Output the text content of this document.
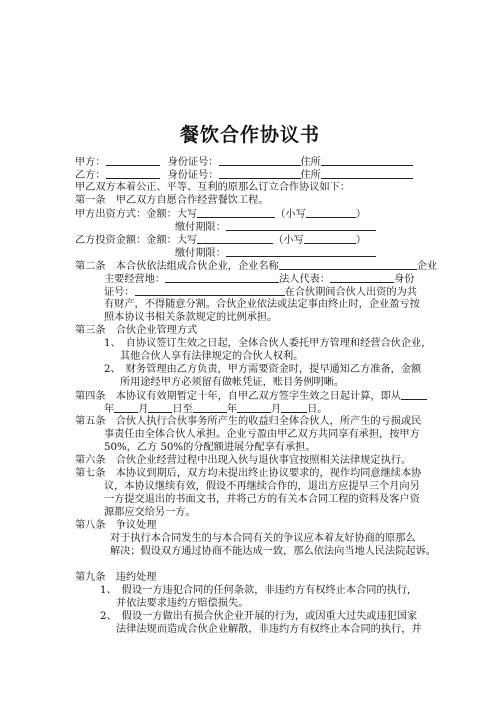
餐饮合作协议书
甲方：	身份证号：	住所
乙方：	身份证号：	住所
甲乙双方本着公正、平等、互利的原那么订立合作协议如下：
第一条　甲乙双方自愿合作经营餐饮工程。
甲方出资方式：金额：大写	（小写	）
缴付期限：
乙方投资金额：金额：大写	（小写	）
缴付期限：
第二条　本合伙依法组成合伙企业，企业名称	企业
主要经营地：	法人代表：	身份
证号：	在合伙期间合伙人出资的为共
有财产，不得随意分割。合伙企业依法或法定事由终止时，企业盈亏按
照本协议书相关条款规定的比例承担。
第三条　合伙企业管理方式
1、　自协议签订生效之日起，全体合伙人委托甲方管理和经营合伙企业，
其他合伙人享有法律规定的合伙人权利。
2、　财务管理由乙方负责，甲方需要资金时，提早通知乙方准备，金额
所用途经甲方必须留有做帐凭证，账目务例明晰。
第四条　本协议有效期暂定十年，自甲乙双方签字生效之日起计算，即从
年 月 日至	年	月	日。
第五条　合伙人执行合伙事务所产生的收益归全体合伙人，所产生的亏损或民
事责任由全体合伙人承担。企业亏盈由甲乙双方共同享有承担，按甲方
50%，乙方 50%的分配额进展分配享有承担。
第六条　合伙企业经营过程中出现入伙与退伙事宜按照相关法律规定执行。
第七条　本协议到期后，双方均未提出终止协议要求的，视作均同意继续本协
议，本协议继续有效，假设不再继续合作的，退出方应提早三个月向另
一方提交退出的书面文书，并将己方的有关本合同工程的资料及客户资
源都应交给另一方。
第八条　争议处理
对于执行本合同发生的与本合同有关的争议应本着友好协商的原那么
解决；假设双方通过协商不能达成一致，那么依法向当地人民法院起诉。
第九条　违约处理
1、　假设一方违犯合同的任何条款，非违约方有权终止本合同的执行，
并依法要求违约方赔偿损失。
2、　假设一方做出有损合伙企业开展的行为，或因重大过失或违犯国家
法律法规而造成合伙企业解散，非违约方有权终止本合同的执行，并
